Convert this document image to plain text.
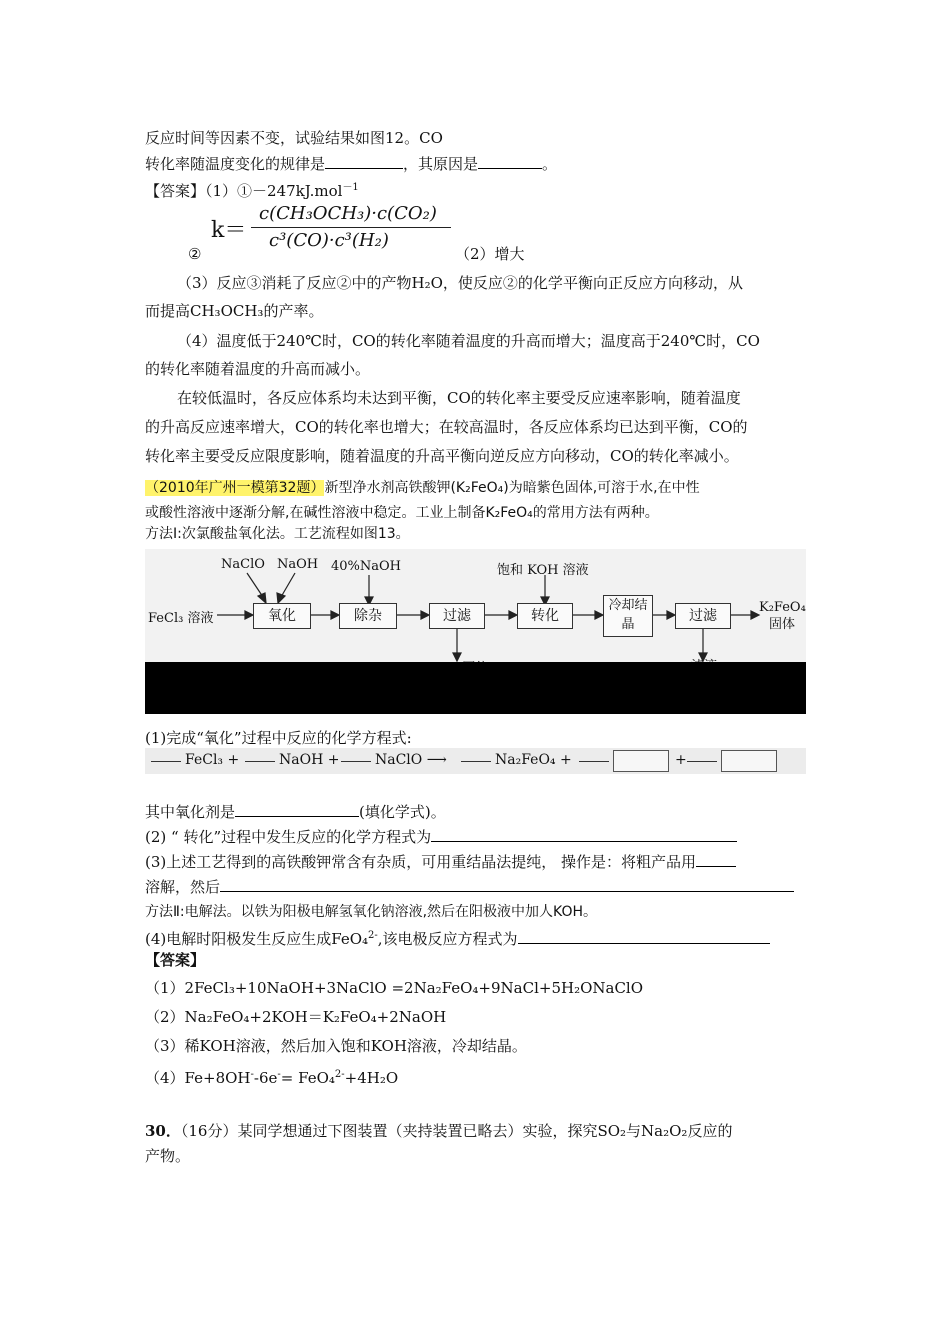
反应时间等因素不变，试验结果如图12。CO
转化率随温度变化的规律是	，其原因是	。
【答案】（1）①－247kJ.mol$^{-1}$
k＝
c(CH₃OCH₃)·c(CO₂)
c³(CO)·c³(H₂)
②	（2）增大
（3）反应③消耗了反应②中的产物H₂O，使反应②的化学平衡向正反应方向移动，从
而提高CH₃OCH₃的产率。
（4）温度低于240℃时，CO的转化率随着温度的升高而增大；温度高于240℃时，CO
的转化率随着温度的升高而减小。
在较低温时，各反应体系均未达到平衡，CO的转化率主要受反应速率影响，随着温度
的升高反应速率增大，CO的转化率也增大；在较高温时，各反应体系均已达到平衡，CO的
转化率主要受反应限度影响，随着温度的升高平衡向逆反应方向移动，CO的转化率减小。
（2010年广州一模第32题）新型净水剂高铁酸钾(K₂FeO₄)为暗紫色固体,可溶于水,在中性
或酸性溶液中逐渐分解,在碱性溶液中稳定。工业上制备K₂FeO₄的常用方法有两种。
方法Ⅰ:次氯酸盐氧化法。工艺流程如图13。
NaClO NaOH 40%NaOH	饱和 KOH 溶液
FeCl₃ 溶液	氧化	除杂	过滤	转化
冷却结晶
过滤
K₂FeO₄ 固体
(1)完成“氧化”过程中反应的化学方程式:
FeCl₃ +	NaOH +	NaClO ⟶	Na₂FeO₄ +	+
其中氧化剂是	(填化学式)。
(2) “ 转化”过程中发生反应的化学方程式为
(3)上述工艺得到的高铁酸钾常含有杂质，可用重结晶法提纯， 操作是：将粗产品用
溶解，然后
方法Ⅱ:电解法。以铁为阳极电解氢氧化钠溶液,然后在阳极液中加人KOH。
(4)电解时阳极发生反应生成FeO₄$^{2-}$,该电极反应方程式为
【答案】
（1）2FeCl₃+10NaOH+3NaClO =2Na₂FeO₄+9NaCl+5H₂ONaClO
（2）Na₂FeO₄+2KOH＝K₂FeO₄+2NaOH
（3）稀KOH溶液，然后加入饱和KOH溶液，冷却结晶。
（4）Fe+8OH--6e-= FeO₄$^{2-}$+4H₂O
30．（16分）某同学想通过下图装置（夹持装置已略去）实验，探究SO₂与Na₂O₂反应的
产物。
